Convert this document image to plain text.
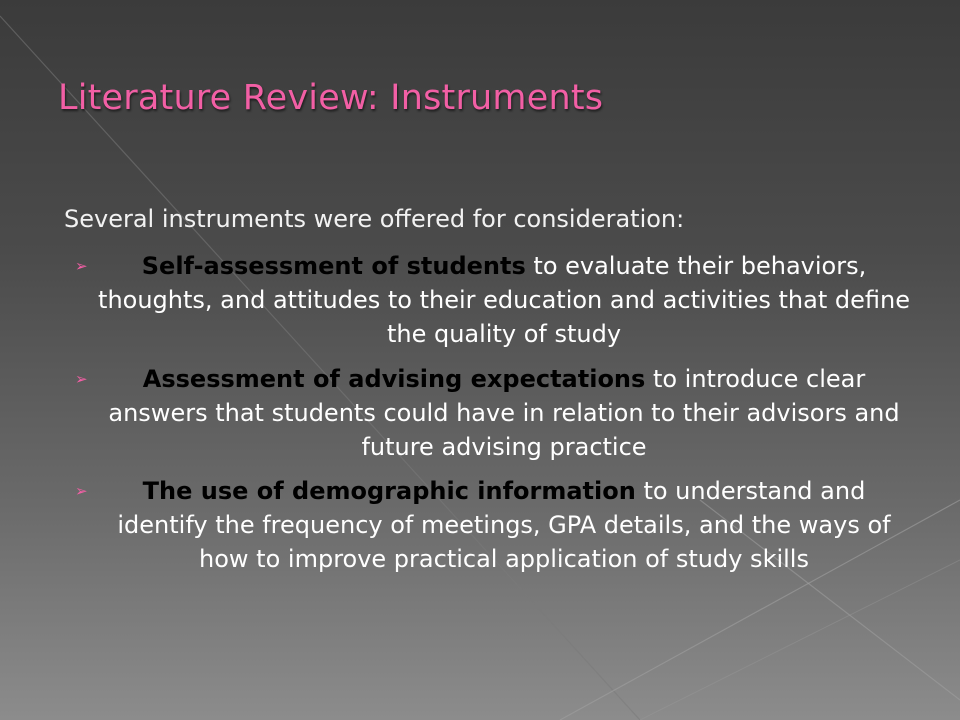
Literature Review: Instruments

Several instruments were offered for consideration:

➢	Self-assessment of students to evaluate their behaviors, thoughts, and attitudes to their education and activities that define the quality of study

➢	Assessment of advising expectations to introduce clear answers that students could have in relation to their advisors and future advising practice

➢	The use of demographic information to understand and identify the frequency of meetings, GPA details, and the ways of how to improve practical application of study skills
